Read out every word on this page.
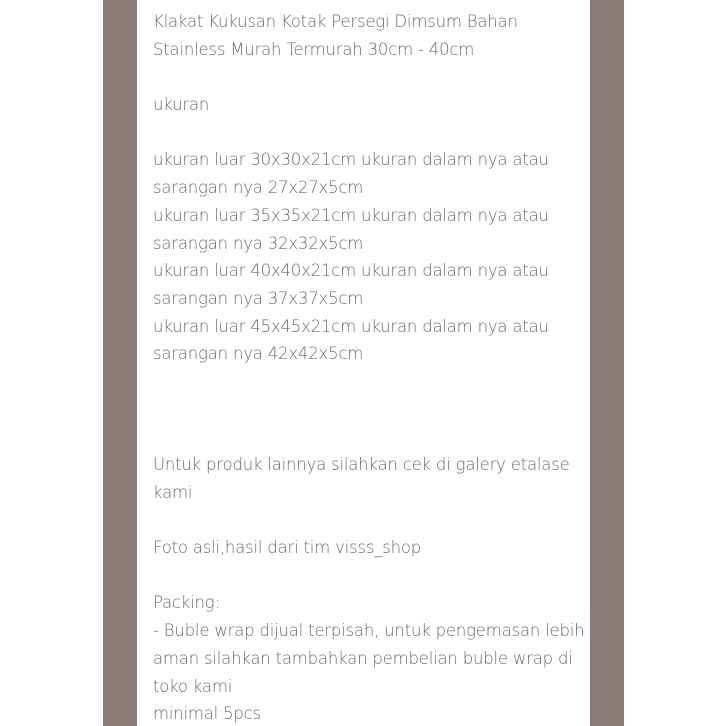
Klakat Kukusan Kotak Persegi Dimsum Bahan
Stainless Murah Termurah 30cm - 40cm
ukuran
ukuran luar 30x30x21cm ukuran dalam nya atau
sarangan nya 27x27x5cm
ukuran luar 35x35x21cm ukuran dalam nya atau
sarangan nya 32x32x5cm
ukuran luar 40x40x21cm ukuran dalam nya atau
sarangan nya 37x37x5cm
ukuran luar 45x45x21cm ukuran dalam nya atau
sarangan nya 42x42x5cm
Untuk produk lainnya silahkan cek di galery etalase
kami
Foto asli,hasil dari tim visss_shop
Packing:
- Buble wrap dijual terpisah, untuk pengemasan lebih
aman silahkan tambahkan pembelian buble wrap di
toko kami
minimal 5pcs
